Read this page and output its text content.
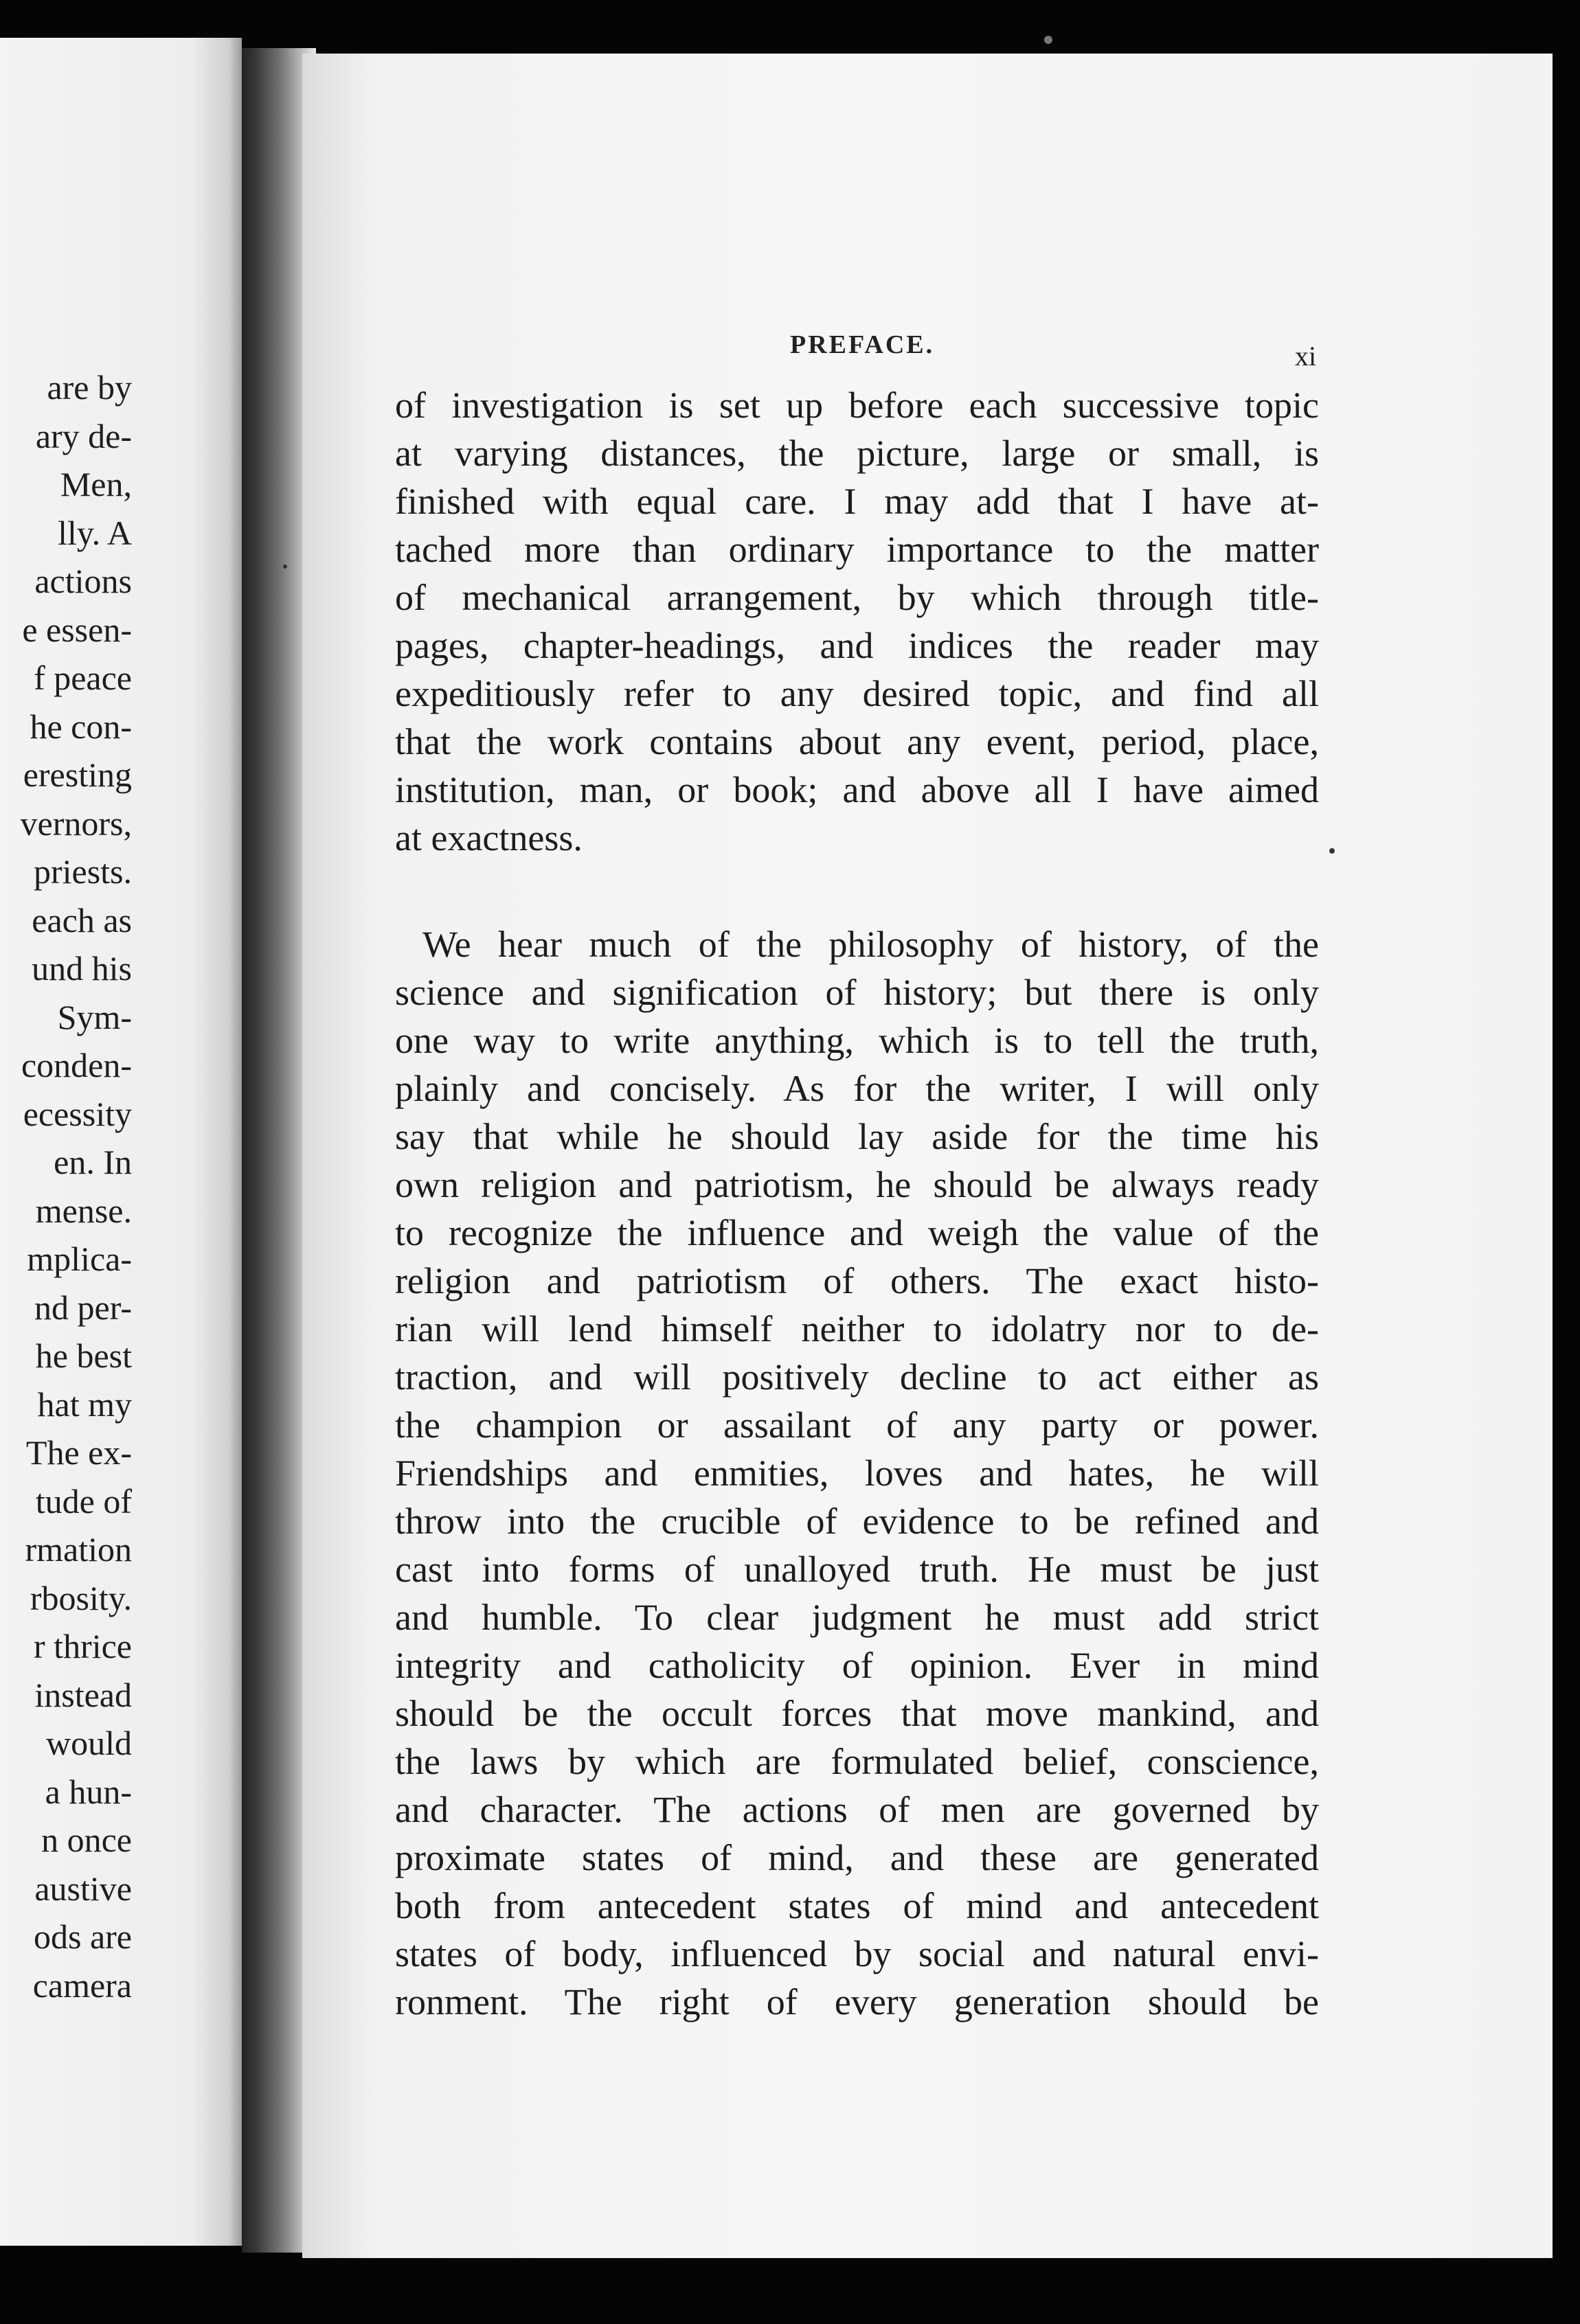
are by
ary de-
Men,
lly. A
actions
e essen-
f peace
he con-
eresting
vernors,
priests.
each as
und his
Sym-
conden-
ecessity
en. In
mense.
mplica-
nd per-
he best
hat my
The ex-
tude of
rmation
rbosity.
r thrice
instead
would
a hun-
n once
austive
ods are
camera
PREFACE.	xi
of investigation is set up before each successive topic
at varying distances, the picture, large or small, is
finished with equal care. I may add that I have at-
tached more than ordinary importance to the matter
of mechanical arrangement, by which through title-
pages, chapter-headings, and indices the reader may
expeditiously refer to any desired topic, and find all
that the work contains about any event, period, place,
institution, man, or book; and above all I have aimed
at exactness.
We hear much of the philosophy of history, of the
science and signification of history; but there is only
one way to write anything, which is to tell the truth,
plainly and concisely. As for the writer, I will only
say that while he should lay aside for the time his
own religion and patriotism, he should be always ready
to recognize the influence and weigh the value of the
religion and patriotism of others. The exact histo-
rian will lend himself neither to idolatry nor to de-
traction, and will positively decline to act either as
the champion or assailant of any party or power.
Friendships and enmities, loves and hates, he will
throw into the crucible of evidence to be refined and
cast into forms of unalloyed truth. He must be just
and humble. To clear judgment he must add strict
integrity and catholicity of opinion. Ever in mind
should be the occult forces that move mankind, and
the laws by which are formulated belief, conscience,
and character. The actions of men are governed by
proximate states of mind, and these are generated
both from antecedent states of mind and antecedent
states of body, influenced by social and natural envi-
ronment. The right of every generation should be
